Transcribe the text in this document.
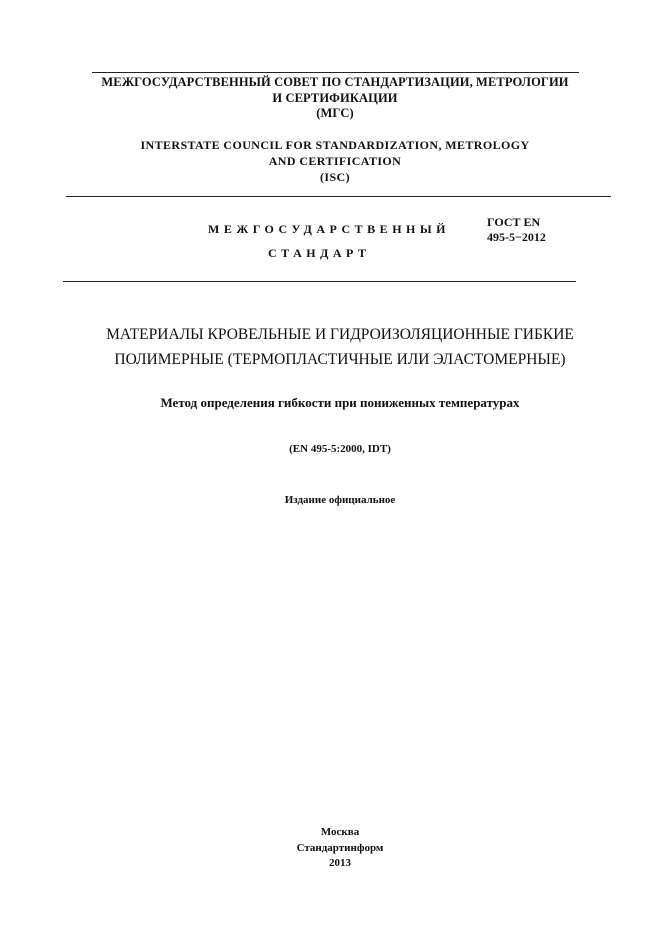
МЕЖГОСУДАРСТВЕННЫЙ СОВЕТ ПО СТАНДАРТИЗАЦИИ, МЕТРОЛОГИИ
И СЕРТИФИКАЦИИ
(МГС)
INTERSTATE COUNCIL FOR STANDARDIZATION, METROLOGY
AND CERTIFICATION
(ISC)
МЕЖГОСУДАРСТВЕННЫЙ
СТАНДАРТ
ГОСТ EN
495-5−2012
МАТЕРИАЛЫ КРОВЕЛЬНЫЕ И ГИДРОИЗОЛЯЦИОННЫЕ ГИБКИЕ
ПОЛИМЕРНЫЕ (ТЕРМОПЛАСТИЧНЫЕ ИЛИ ЭЛАСТОМЕРНЫЕ)
Метод определения гибкости при пониженных температурах
(EN 495-5:2000, IDT)
Издание официальное
Москва
Стандартинформ
2013
